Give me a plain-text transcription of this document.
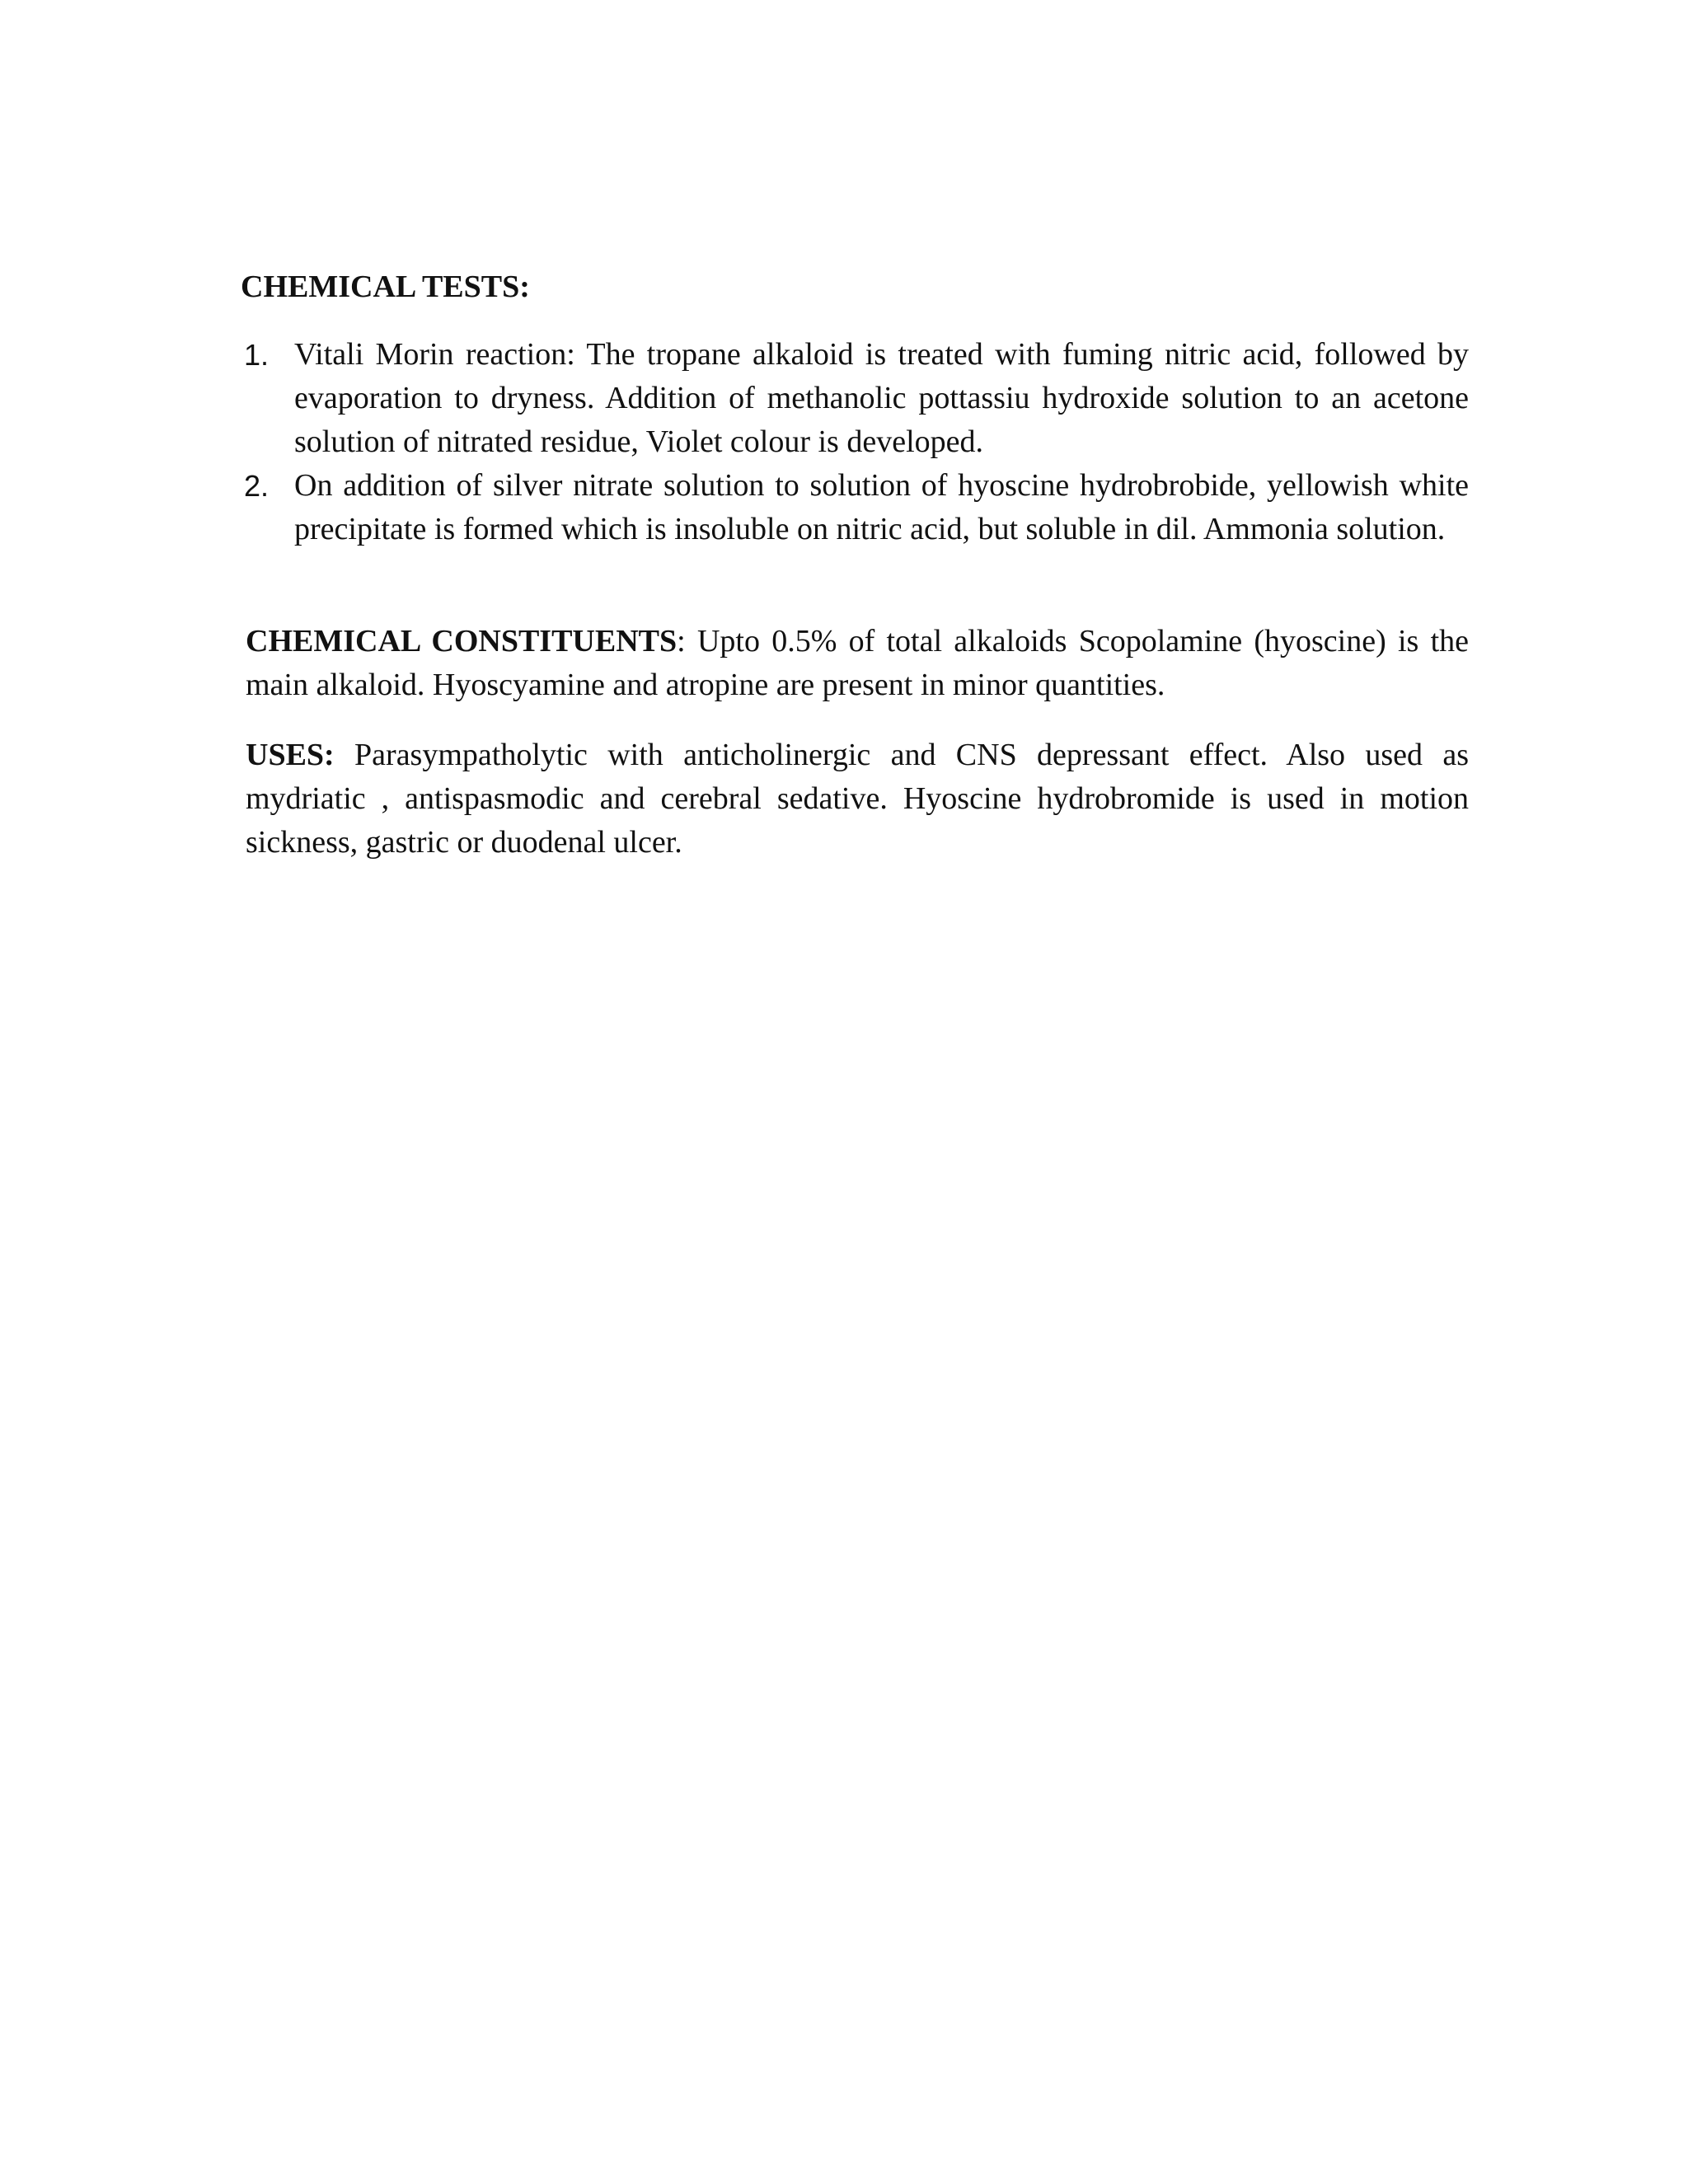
CHEMICAL TESTS:
1. Vitali Morin reaction: The tropane alkaloid is treated with fuming nitric acid, followed by evaporation to dryness. Addition of methanolic pottassiu hydroxide solution to an acetone solution of nitrated residue, Violet colour is developed.
2. On addition of silver nitrate solution to solution of hyoscine hydrobrobide, yellowish white precipitate is formed which is insoluble on nitric acid, but soluble in dil. Ammonia solution.

CHEMICAL CONSTITUENTS: Upto 0.5% of total alkaloids Scopolamine (hyoscine) is the main alkaloid. Hyoscyamine and atropine are present in minor quantities.

USES: Parasympatholytic with anticholinergic and CNS depressant effect. Also used as mydriatic , antispasmodic and cerebral sedative. Hyoscine hydrobromide is used in motion sickness, gastric or duodenal ulcer.
